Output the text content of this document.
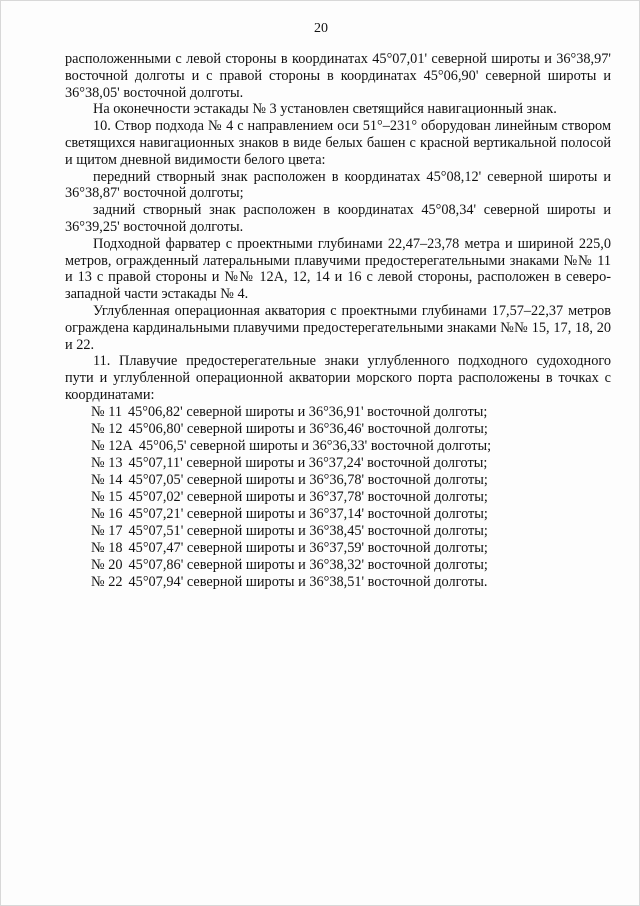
20

расположенными с левой стороны в координатах 45°07,01' северной широты и 36°38,97' восточной долготы и с правой стороны в координатах 45°06,90' северной широты и 36°38,05' восточной долготы.

На оконечности эстакады № 3 установлен светящийся навигационный знак.

10. Створ подхода № 4 с направлением оси 51°–231° оборудован линейным створом светящихся навигационных знаков в виде белых башен с красной вертикальной полосой и щитом дневной видимости белого цвета:

передний створный знак расположен в координатах 45°08,12' северной широты и 36°38,87' восточной долготы;

задний створный знак расположен в координатах 45°08,34' северной широты и 36°39,25' восточной долготы.

Подходной фарватер с проектными глубинами 22,47–23,78 метра и шириной 225,0 метров, огражденный латеральными плавучими предостерегательными знаками №№ 11 и 13 с правой стороны и №№ 12А, 12, 14 и 16 с левой стороны, расположен в северо-западной части эстакады № 4.

Углубленная операционная акватория с проектными глубинами 17,57–22,37 метров ограждена кардинальными плавучими предостерегательными знаками №№ 15, 17, 18, 20 и 22.

11. Плавучие предостерегательные знаки углубленного подходного судоходного пути и углубленной операционной акватории морского порта расположены в точках с координатами:

№ 11 45°06,82' северной широты и 36°36,91' восточной долготы;
№ 12 45°06,80' северной широты и 36°36,46' восточной долготы;
№ 12А 45°06,5' северной широты и 36°36,33' восточной долготы;
№ 13 45°07,11' северной широты и 36°37,24' восточной долготы;
№ 14 45°07,05' северной широты и 36°36,78' восточной долготы;
№ 15 45°07,02' северной широты и 36°37,78' восточной долготы;
№ 16 45°07,21' северной широты и 36°37,14' восточной долготы;
№ 17 45°07,51' северной широты и 36°38,45' восточной долготы;
№ 18 45°07,47' северной широты и 36°37,59' восточной долготы;
№ 20 45°07,86' северной широты и 36°38,32' восточной долготы;
№ 22 45°07,94' северной широты и 36°38,51' восточной долготы.
